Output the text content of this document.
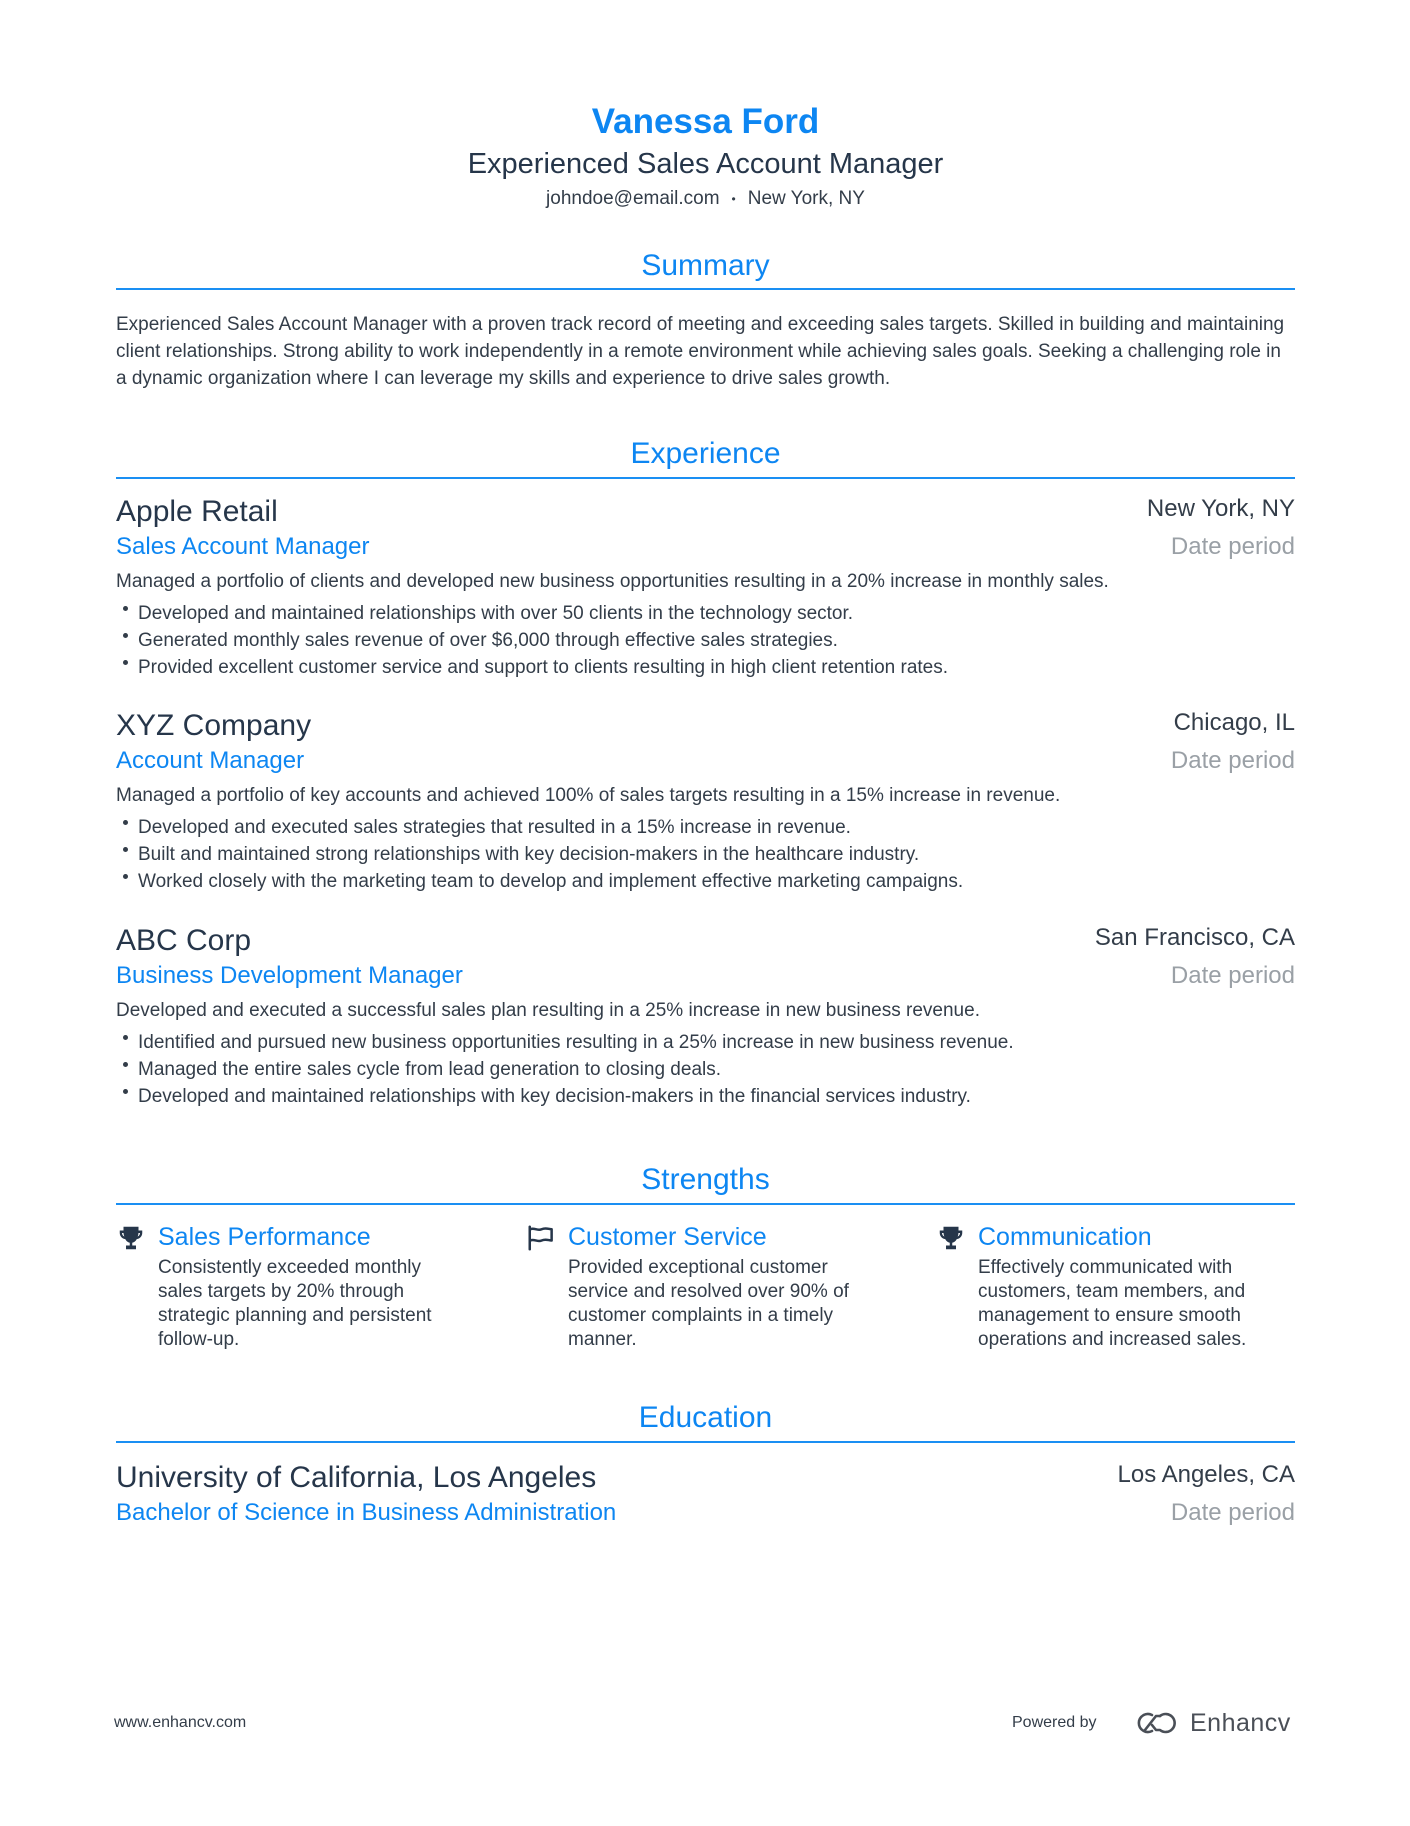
Vanessa Ford
Experienced Sales Account Manager
johndoe@email.com • New York, NY
Summary
Experienced Sales Account Manager with a proven track record of meeting and exceeding sales targets. Skilled in building and maintaining client relationships. Strong ability to work independently in a remote environment while achieving sales goals. Seeking a challenging role in a dynamic organization where I can leverage my skills and experience to drive sales growth.
Experience
Apple Retail	New York, NY
Sales Account Manager	Date period
Managed a portfolio of clients and developed new business opportunities resulting in a 20% increase in monthly sales.
Developed and maintained relationships with over 50 clients in the technology sector.
Generated monthly sales revenue of over $6,000 through effective sales strategies.
Provided excellent customer service and support to clients resulting in high client retention rates.
XYZ Company	Chicago, IL
Account Manager	Date period
Managed a portfolio of key accounts and achieved 100% of sales targets resulting in a 15% increase in revenue.
Developed and executed sales strategies that resulted in a 15% increase in revenue.
Built and maintained strong relationships with key decision-makers in the healthcare industry.
Worked closely with the marketing team to develop and implement effective marketing campaigns.
ABC Corp	San Francisco, CA
Business Development Manager	Date period
Developed and executed a successful sales plan resulting in a 25% increase in new business revenue.
Identified and pursued new business opportunities resulting in a 25% increase in new business revenue.
Managed the entire sales cycle from lead generation to closing deals.
Developed and maintained relationships with key decision-makers in the financial services industry.
Strengths
Sales Performance
Consistently exceeded monthly sales targets by 20% through strategic planning and persistent follow-up.
Customer Service
Provided exceptional customer service and resolved over 90% of customer complaints in a timely manner.
Communication
Effectively communicated with customers, team members, and management to ensure smooth operations and increased sales.
Education
University of California, Los Angeles	Los Angeles, CA
Bachelor of Science in Business Administration	Date period
www.enhancv.com	Powered by	Enhancv
